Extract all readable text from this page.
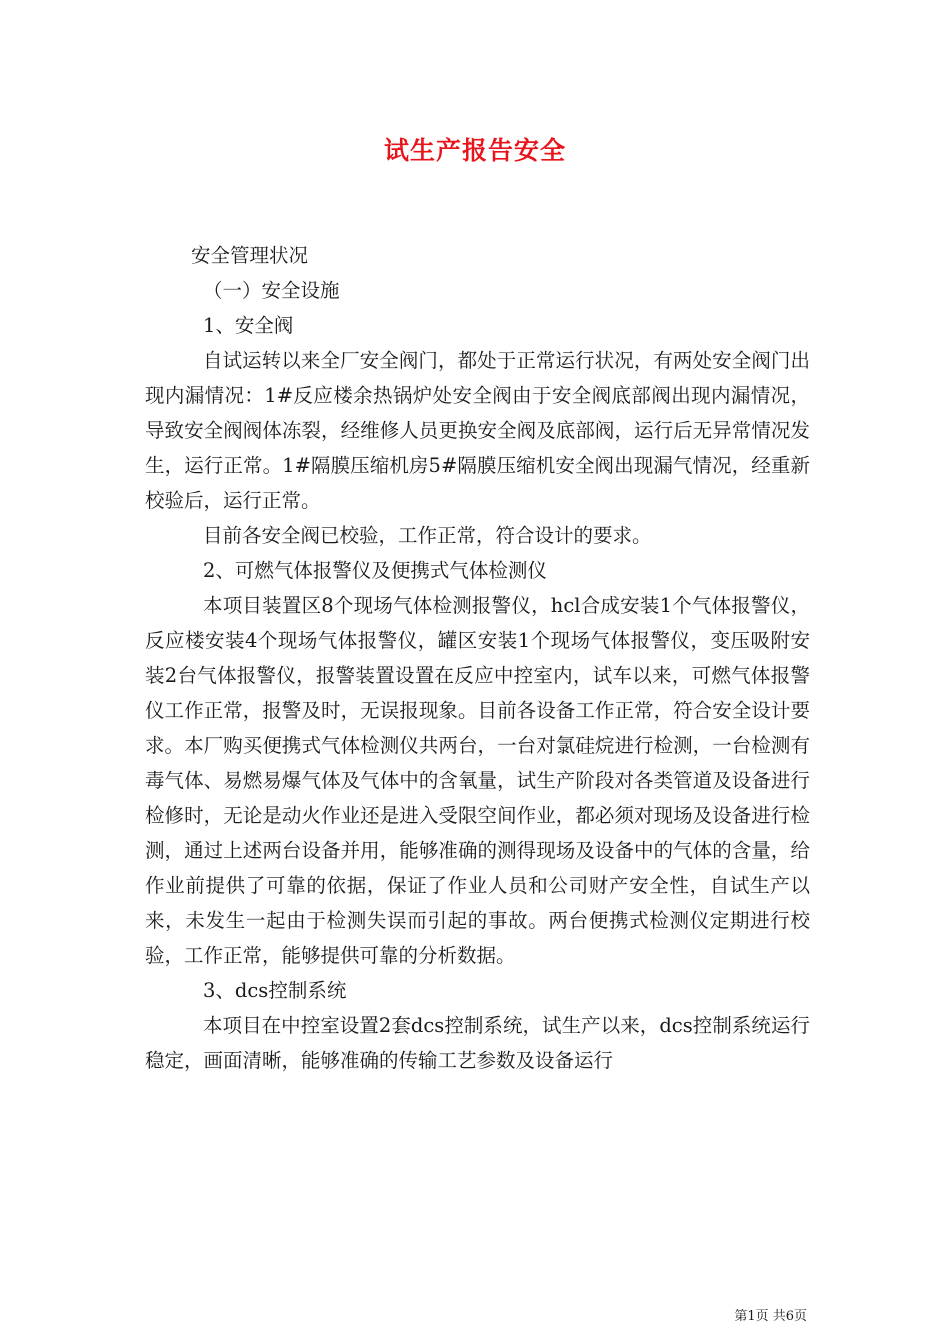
试生产报告安全

安全管理状况

（一）安全设施

1、安全阀

自试运转以来全厂安全阀门，都处于正常运行状况，有两处安全阀门出现内漏情况：1#反应楼余热锅炉处安全阀由于安全阀底部阀出现内漏情况，导致安全阀阀体冻裂，经维修人员更换安全阀及底部阀，运行后无异常情况发生，运行正常。1#隔膜压缩机房5#隔膜压缩机安全阀出现漏气情况，经重新校验后，运行正常。

目前各安全阀已校验，工作正常，符合设计的要求。

2、可燃气体报警仪及便携式气体检测仪

本项目装置区8个现场气体检测报警仪，hcl合成安装1个气体报警仪，反应楼安装4个现场气体报警仪，罐区安装1个现场气体报警仪，变压吸附安装2台气体报警仪，报警装置设置在反应中控室内，试车以来，可燃气体报警仪工作正常，报警及时，无误报现象。目前各设备工作正常，符合安全设计要求。本厂购买便携式气体检测仪共两台，一台对氯硅烷进行检测，一台检测有毒气体、易燃易爆气体及气体中的含氧量，试生产阶段对各类管道及设备进行检修时，无论是动火作业还是进入受限空间作业，都必须对现场及设备进行检测，通过上述两台设备并用，能够准确的测得现场及设备中的气体的含量，给作业前提供了可靠的依据，保证了作业人员和公司财产安全性，自试生产以来，未发生一起由于检测失误而引起的事故。两台便携式检测仪定期进行校验，工作正常，能够提供可靠的分析数据。

3、dcs控制系统

本项目在中控室设置2套dcs控制系统，试生产以来，dcs控制系统运行稳定，画面清晰，能够准确的传输工艺参数及设备运行

第1页 共6页
